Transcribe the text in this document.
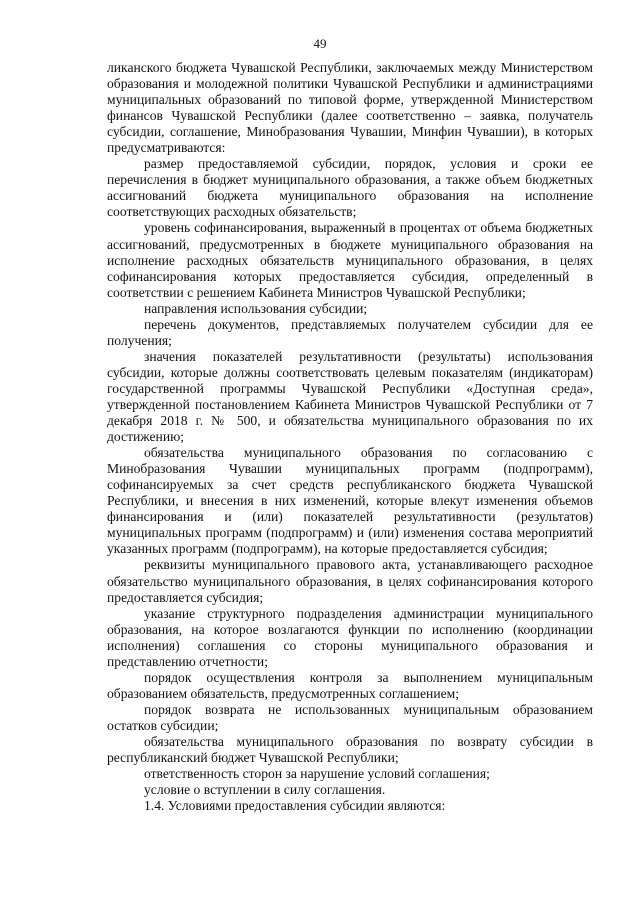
49

ликанского бюджета Чувашской Республики, заключаемых между Министерством образования и молодежной политики Чувашской Республики и администрациями муниципальных образований по типовой форме, утвержденной Министерством финансов Чувашской Республики (далее соответственно – заявка, получатель субсидии, соглашение, Минобразования Чувашии, Минфин Чувашии), в которых предусматриваются:

размер предоставляемой субсидии, порядок, условия и сроки ее перечисления в бюджет муниципального образования, а также объем бюджетных ассигнований бюджета муниципального образования на исполнение соответствующих расходных обязательств;

уровень софинансирования, выраженный в процентах от объема бюджетных ассигнований, предусмотренных в бюджете муниципального образования на исполнение расходных обязательств муниципального образования, в целях софинансирования которых предоставляется субсидия, определенный в соответствии с решением Кабинета Министров Чувашской Республики;

направления использования субсидии;

перечень документов, представляемых получателем субсидии для ее получения;

значения показателей результативности (результаты) использования субсидии, которые должны соответствовать целевым показателям (индикаторам) государственной программы Чувашской Республики «Доступная среда», утвержденной постановлением Кабинета Министров Чувашской Республики от 7 декабря 2018 г. № 500, и обязательства муниципального образования по их достижению;

обязательства муниципального образования по согласованию с Минобразования Чувашии муниципальных программ (подпрограмм), софинансируемых за счет средств республиканского бюджета Чувашской Республики, и внесения в них изменений, которые влекут изменения объемов финансирования и (или) показателей результативности (результатов) муниципальных программ (подпрограмм) и (или) изменения состава мероприятий указанных программ (подпрограмм), на которые предоставляется субсидия;

реквизиты муниципального правового акта, устанавливающего расходное обязательство муниципального образования, в целях софинансирования которого предоставляется субсидия;

указание структурного подразделения администрации муниципального образования, на которое возлагаются функции по исполнению (координации исполнения) соглашения со стороны муниципального образования и представлению отчетности;

порядок осуществления контроля за выполнением муниципальным образованием обязательств, предусмотренных соглашением;

порядок возврата не использованных муниципальным образованием остатков субсидии;

обязательства муниципального образования по возврату субсидии в республиканский бюджет Чувашской Республики;

ответственность сторон за нарушение условий соглашения;

условие о вступлении в силу соглашения.

1.4. Условиями предоставления субсидии являются:
